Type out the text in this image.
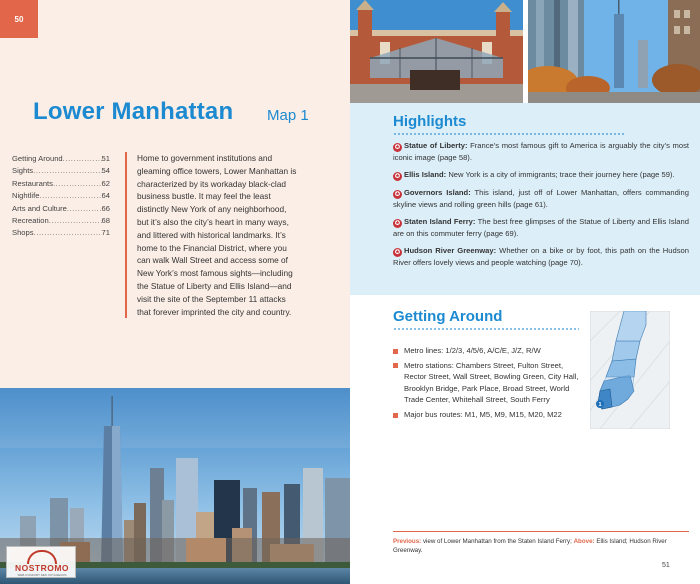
50
Lower Manhattan Map 1
Getting Around .....	51
Sights .....	54
Restaurants .....	62
Nightlife .....	64
Arts and Culture .....	66
Recreation .....	68
Shops .....	71

Home to government institutions and gleaming office towers, Lower Manhattan is characterized by its workaday black-clad business bustle. It may feel the least distinctly New York of any neighborhood, but it’s also the city’s heart in many ways, and littered with historical landmarks. It’s home to the Financial District, where you can walk Wall Street and access some of New York’s most famous sights—including the Statue of Liberty and Ellis Island—and visit the site of the September 11 attacks that forever imprinted the city and country.

NOSTROMO
WEB CONFORT DES VOYAGEURS
Highlights

✪ Statue of Liberty: France’s most famous gift to America is arguably the city’s most iconic image (page 58).

✪ Ellis Island: New York is a city of immigrants; trace their journey here (page 59).

✪ Governors Island: This island, just off of Lower Manhattan, offers commanding skyline views and rolling green hills (page 61).

✪ Staten Island Ferry: The best free glimpses of the Statue of Liberty and Ellis Island are on this commuter ferry (page 69).

✪ Hudson River Greenway: Whether on a bike or by foot, this path on the Hudson River offers lovely views and people watching (page 70).

Getting Around

Metro lines: 1/2/3, 4/5/6, A/C/E, J/Z, R/W

Metro stations: Chambers Street, Fulton Street, Rector Street, Wall Street, Bowling Green, City Hall, Brooklyn Bridge, Park Place, Broad Street, World Trade Center, Whitehall Street, South Ferry

Major bus routes: M1, M5, M9, M15, M20, M22

1

Previous: view of Lower Manhattan from the Staten Island Ferry; Above: Ellis Island; Hudson River Greenway.

51
